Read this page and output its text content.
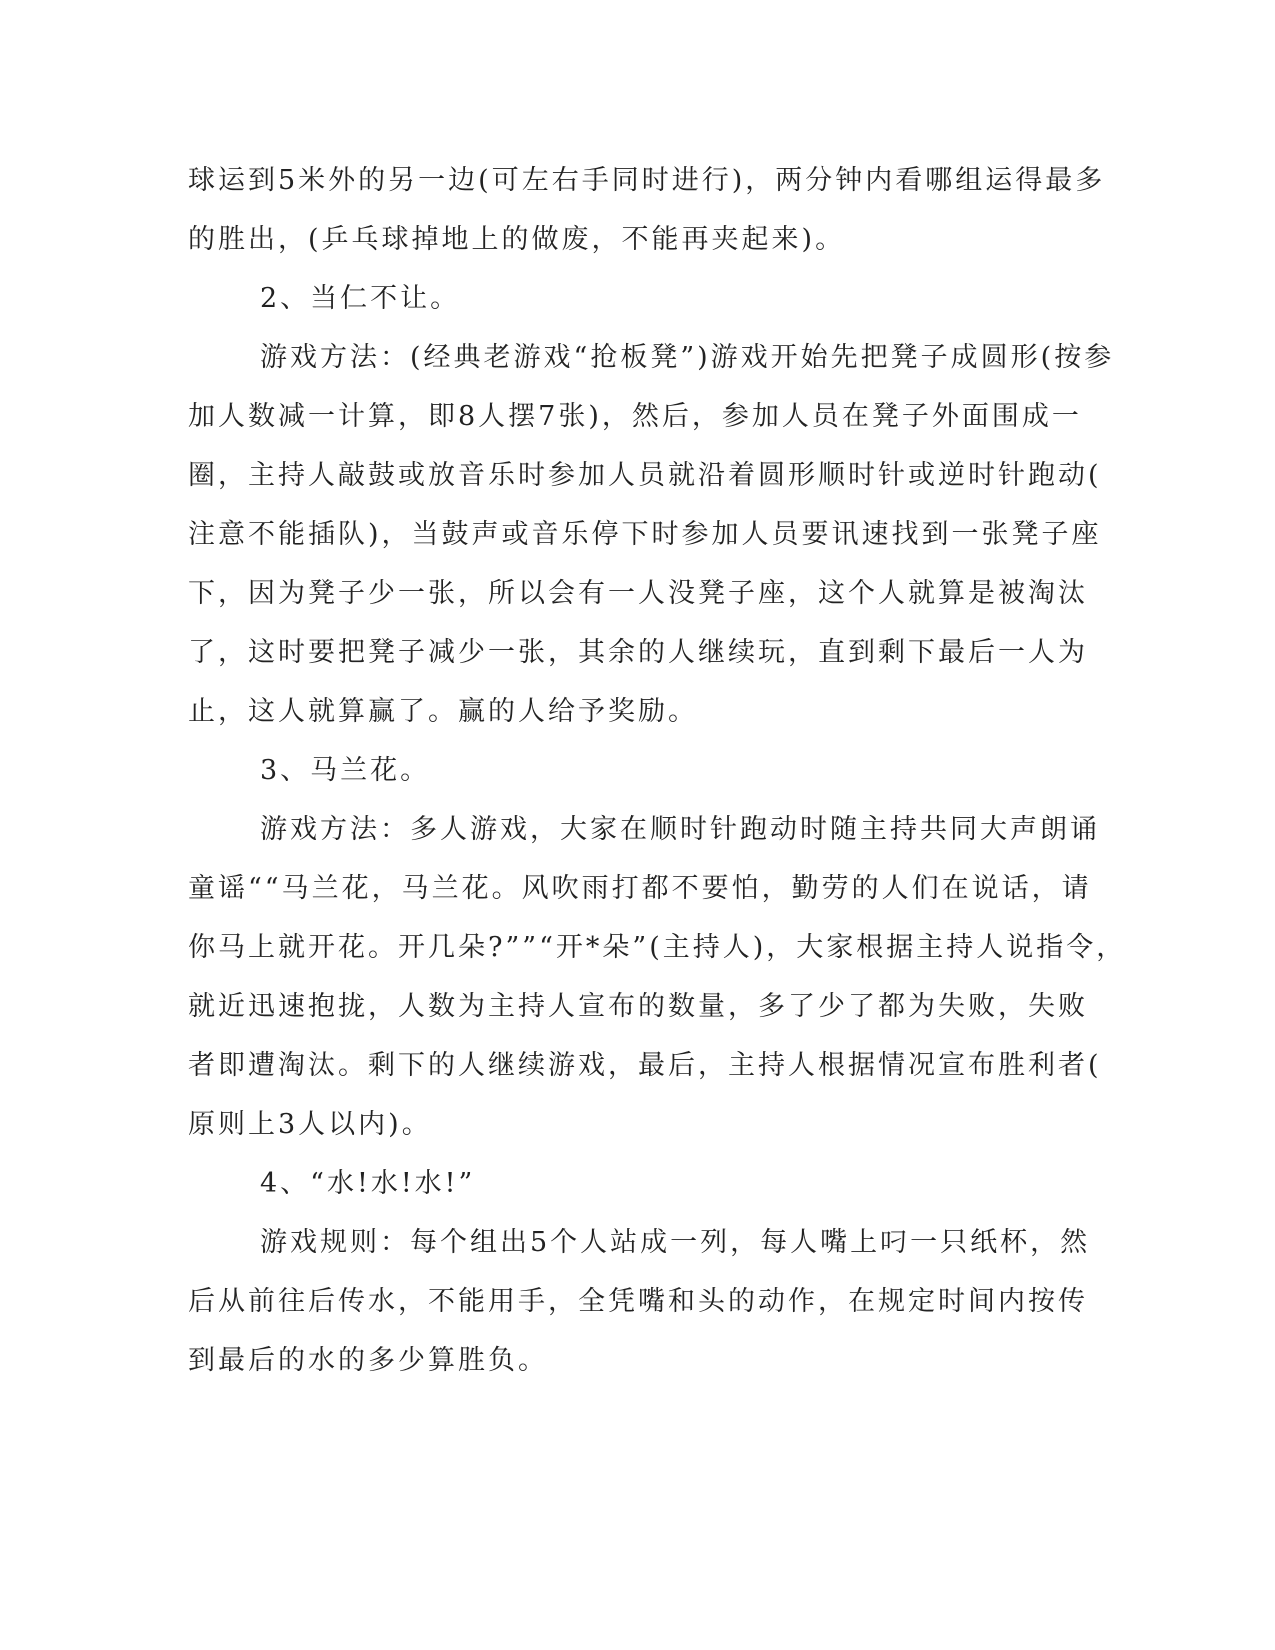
球运到5米外的另一边(可左右手同时进行)，两分钟内看哪组运得最多
的胜出，(乒乓球掉地上的做废，不能再夹起来)。
2、当仁不让。
游戏方法：(经典老游戏“抢板凳”)游戏开始先把凳子成圆形(按参
加人数减一计算，即8人摆7张)，然后，参加人员在凳子外面围成一
圈，主持人敲鼓或放音乐时参加人员就沿着圆形顺时针或逆时针跑动(
注意不能插队)，当鼓声或音乐停下时参加人员要讯速找到一张凳子座
下，因为凳子少一张，所以会有一人没凳子座，这个人就算是被淘汰
了，这时要把凳子减少一张，其余的人继续玩，直到剩下最后一人为
止，这人就算赢了。赢的人给予奖励。
3、马兰花。
游戏方法：多人游戏，大家在顺时针跑动时随主持共同大声朗诵
童谣““马兰花，马兰花。风吹雨打都不要怕，勤劳的人们在说话，请
你马上就开花。开几朵?””“开*朵”(主持人)，大家根据主持人说指令，
就近迅速抱拢，人数为主持人宣布的数量，多了少了都为失败，失败
者即遭淘汰。剩下的人继续游戏，最后，主持人根据情况宣布胜利者(
原则上3人以内)。
4、“水!水!水!”
游戏规则：每个组出5个人站成一列，每人嘴上叼一只纸杯，然
后从前往后传水，不能用手，全凭嘴和头的动作，在规定时间内按传
到最后的水的多少算胜负。
